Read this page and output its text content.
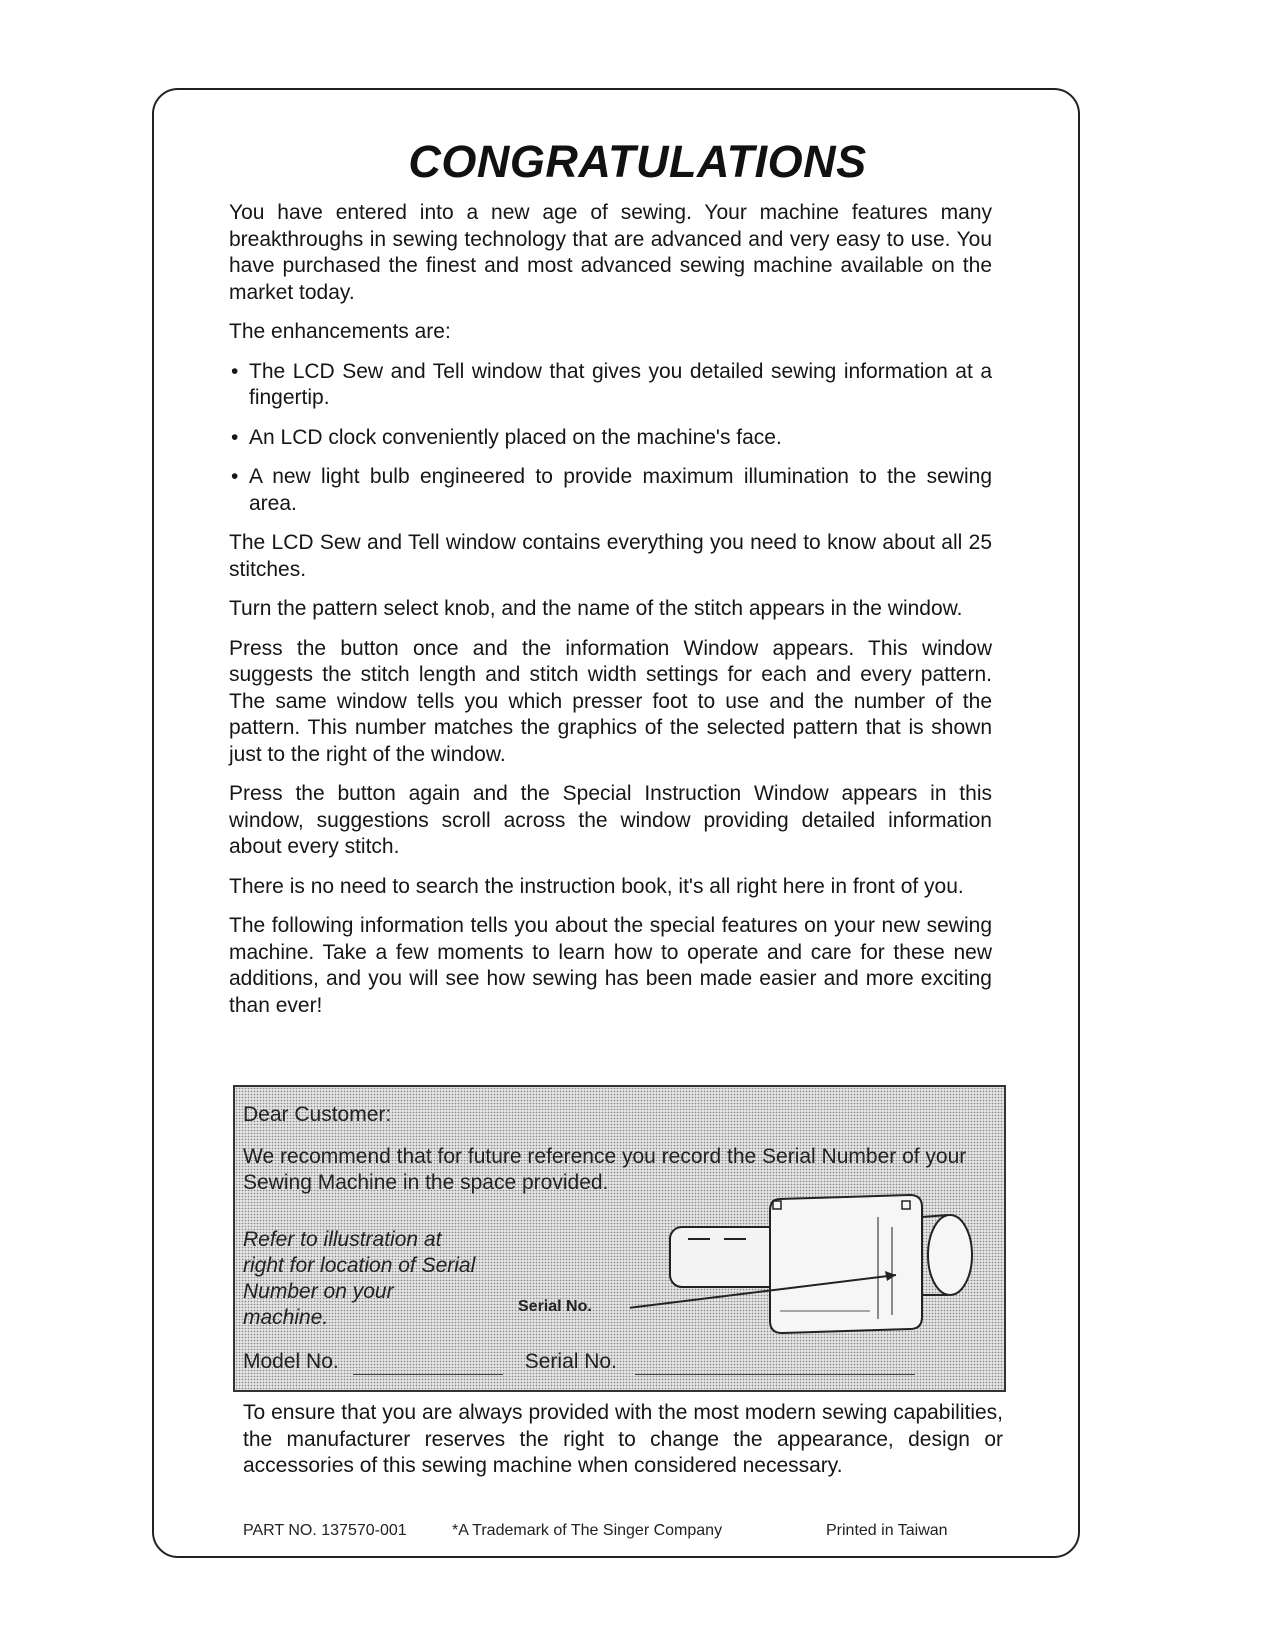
CONGRATULATIONS

You have entered into a new age of sewing. Your machine features many breakthroughs in sewing technology that are advanced and very easy to use. You have purchased the finest and most advanced sewing machine available on the market today.

The enhancements are:

• The LCD Sew and Tell window that gives you detailed sewing information at a fingertip.
• An LCD clock conveniently placed on the machine's face.
• A new light bulb engineered to provide maximum illumination to the sewing area.

The LCD Sew and Tell window contains everything you need to know about all 25 stitches.

Turn the pattern select knob, and the name of the stitch appears in the window.

Press the button once and the information Window appears. This window suggests the stitch length and stitch width settings for each and every pattern. The same window tells you which presser foot to use and the number of the pattern. This number matches the graphics of the selected pattern that is shown just to the right of the window.

Press the button again and the Special Instruction Window appears in this window, suggestions scroll across the window providing detailed information about every stitch.

There is no need to search the instruction book, it's all right here in front of you.

The following information tells you about the special features on your new sewing machine. Take a few moments to learn how to operate and care for these new additions, and you will see how sewing has been made easier and more exciting than ever!

Dear Customer:
We recommend that for future reference you record the Serial Number of your Sewing Machine in the space provided.
Refer to illustration at right for location of Serial Number on your machine.	Serial No.
Model No.	Serial No.

To ensure that you are always provided with the most modern sewing capabilities, the manufacturer reserves the right to change the appearance, design or accessories of this sewing machine when considered necessary.

PART NO. 137570-001	*A Trademark of The Singer Company	Printed in Taiwan
